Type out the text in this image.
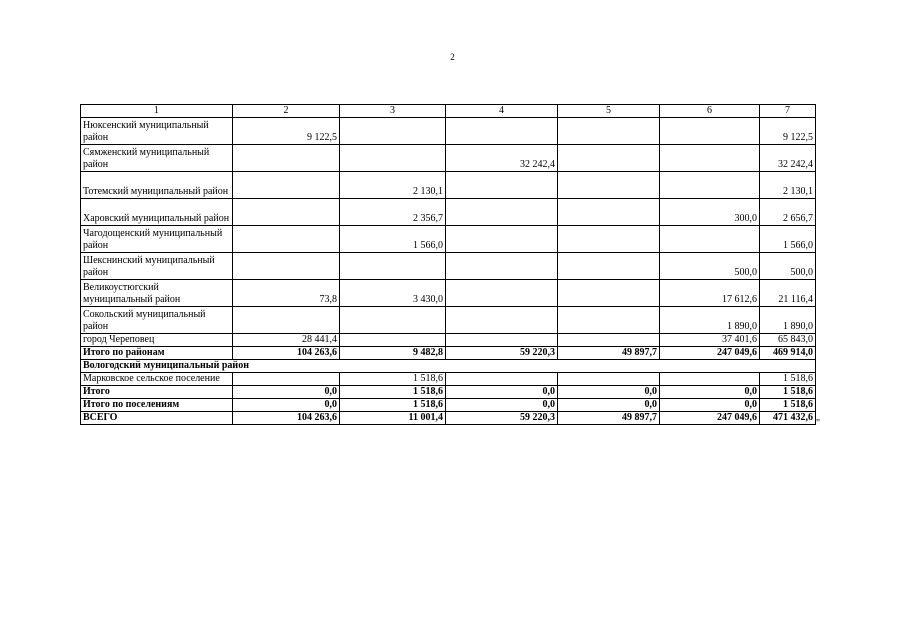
2
1	2	3	4	5	6	7
Нюксенский муниципальный район	9 122,5					9 122,5
Сямженский муниципальный район			32 242,4			32 242,4
Тотемский муниципальный район		2 130,1				2 130,1
Харовский муниципальный район		2 356,7			300,0	2 656,7
Чагодощенский муниципальный район		1 566,0				1 566,0
Шекснинский муниципальный район					500,0	500,0
Великоустюгский муниципальный район	73,8	3 430,0			17 612,6	21 116,4
Сокольский муниципальный район					1 890,0	1 890,0
город Череповец	28 441,4				37 401,6	65 843,0
Итого по районам	104 263,6	9 482,8	59 220,3	49 897,7	247 049,6	469 914,0
Вологодский муниципальный район						
Марковское сельское поселение		1 518,6				1 518,6
Итого	0,0	1 518,6	0,0	0,0	0,0	1 518,6
Итого по поселениям	0,0	1 518,6	0,0	0,0	0,0	1 518,6
ВСЕГО	104 263,6	11 001,4	59 220,3	49 897,7	247 049,6	471 432,6
"
